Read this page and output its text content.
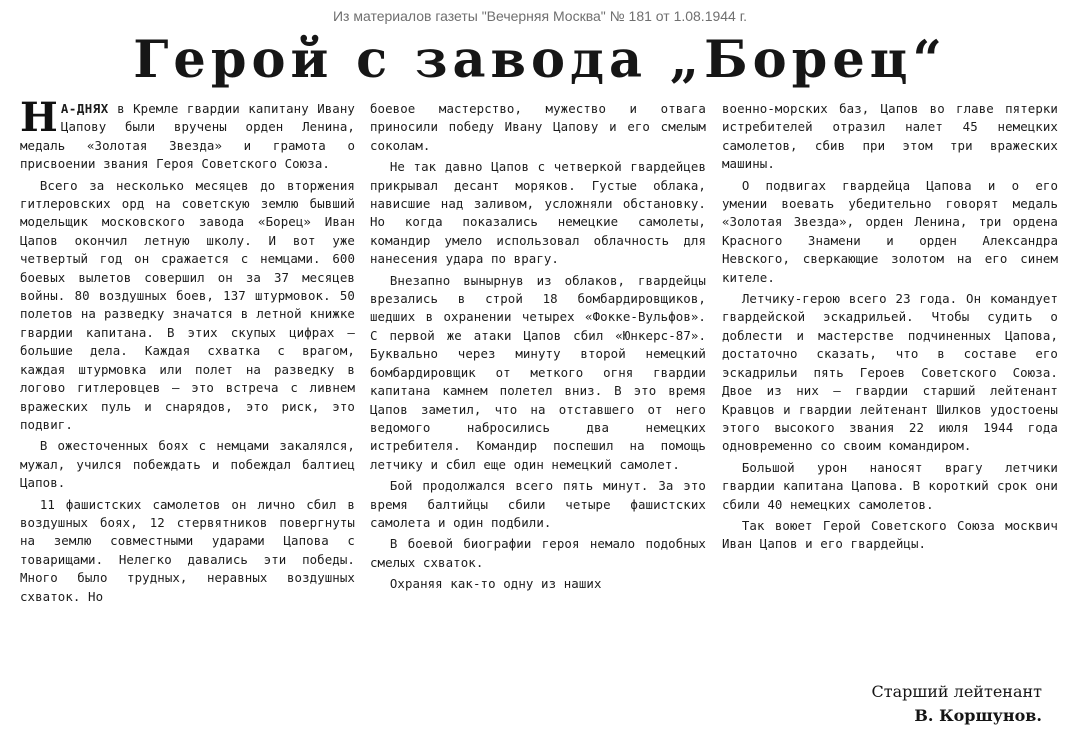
Из материалов газеты "Вечерняя Москва" № 181 от 1.08.1944 г.
Герой с завода „Борец“

Н А-ДНЯХ в Кремле гвардии капитану Ивану Цапову были вручены орден Ленина, медаль «Золотая Звезда» и грамота о присвоении звания Героя Советского Союза.

Всего за несколько месяцев до вторжения гитлеровских орд на советскую землю бывший модельщик московского завода «Борец» Иван Цапов окончил летную школу. И вот уже четвертый год он сражается с немцами. 600 боевых вылетов совершил он за 37 месяцев войны. 80 воздушных боев, 137 штурмовок. 50 полетов на разведку значатся в летной книжке гвардии капитана. В этих скупых цифрах — большие дела. Каждая схватка с врагом, каждая штурмовка или полет на разведку в логово гитлеровцев — это встреча с ливнем вражеских пуль и снарядов, это риск, это подвиг.

В ожесточенных боях с немцами закалялся, мужал, учился побеждать и побеждал балтиец Цапов.

11 фашистских самолетов он лично сбил в воздушных боях, 12 стервятников повергнуты на землю совместными ударами Цапова с товарищами. Нелегко давались эти победы. Много было трудных, неравных воздушных схваток. Но

боевое мастерство, мужество и отвага приносили победу Ивану Цапову и его смелым соколам.

Не так давно Цапов с четверкой гвардейцев прикрывал десант моряков. Густые облака, нависшие над заливом, усложняли обстановку. Но когда показались немецкие самолеты, командир умело использовал облачность для нанесения удара по врагу.

Внезапно вынырнув из облаков, гвардейцы врезались в строй 18 бомбардировщиков, шедших в охранении четырех «Фокке-Вульфов». С первой же атаки Цапов сбил «Юнкерс-87». Буквально через минуту второй немецкий бомбардировщик от меткого огня гвардии капитана камнем полетел вниз. В это время Цапов заметил, что на отставшего от него ведомого набросились два немецких истребителя. Командир поспешил на помощь летчику и сбил еще один немецкий самолет.

Бой продолжался всего пять минут. За это время балтийцы сбили четыре фашистских самолета и один подбили.

В боевой биографии героя немало подобных смелых схваток.

Охраняя как-то одну из наших

военно-морских баз, Цапов во главе пятерки истребителей отразил налет 45 немецких самолетов, сбив при этом три вражеских машины.

О подвигах гвардейца Цапова и о его умении воевать убедительно говорят медаль «Золотая Звезда», орден Ленина, три ордена Красного Знамени и орден Александра Невского, сверкающие золотом на его синем кителе.

Летчику-герою всего 23 года. Он командует гвардейской эскадрильей. Чтобы судить о доблести и мастерстве подчиненных Цапова, достаточно сказать, что в составе его эскадрильи пять Героев Советского Союза. Двое из них — гвардии старший лейтенант Кравцов и гвардии лейтенант Шилков удостоены этого высокого звания 22 июля 1944 года одновременно со своим командиром.

Большой урон наносят врагу летчики гвардии капитана Цапова. В короткий срок они сбили 40 немецких самолетов.

Так воюет Герой Советского Союза москвич Иван Цапов и его гвардейцы.

Старший лейтенант
В. Коршунов.
